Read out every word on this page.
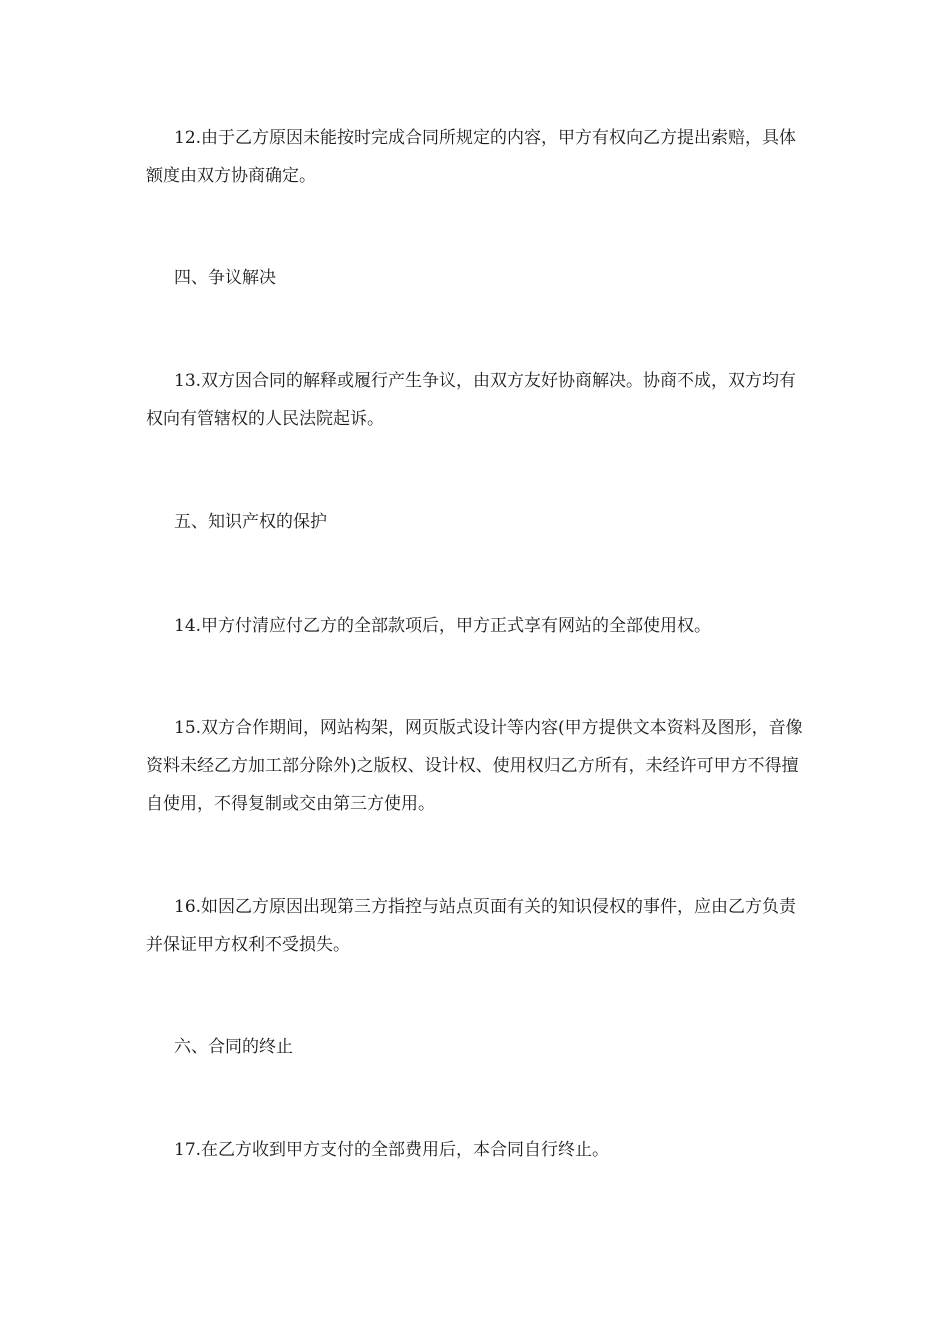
12.由于乙方原因未能按时完成合同所规定的内容，甲方有权向乙方提出索赔，具体额度由双方协商确定。
四、争议解决
13.双方因合同的解释或履行产生争议，由双方友好协商解决。协商不成，双方均有权向有管辖权的人民法院起诉。
五、知识产权的保护
14.甲方付清应付乙方的全部款项后，甲方正式享有网站的全部使用权。
15.双方合作期间，网站构架，网页版式设计等内容(甲方提供文本资料及图形，音像资料未经乙方加工部分除外)之版权、设计权、使用权归乙方所有，未经许可甲方不得擅自使用，不得复制或交由第三方使用。
16.如因乙方原因出现第三方指控与站点页面有关的知识侵权的事件，应由乙方负责并保证甲方权利不受损失。
六、合同的终止
17.在乙方收到甲方支付的全部费用后，本合同自行终止。
